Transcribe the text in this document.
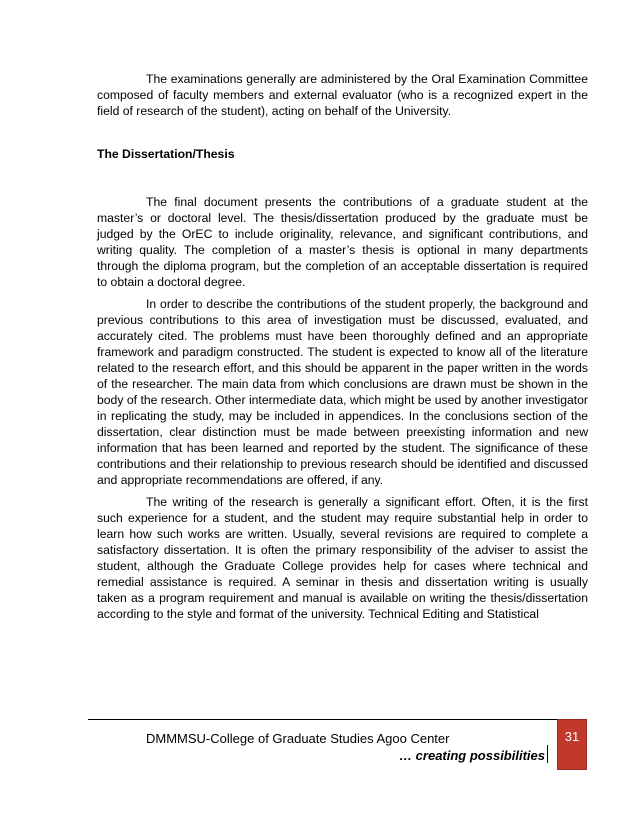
The examinations generally are administered by the Oral Examination Committee composed of faculty members and external evaluator (who is a recognized expert in the field of research of the student), acting on behalf of the University.

The Dissertation/Thesis

The final document presents the contributions of a graduate student at the master’s or doctoral level. The thesis/dissertation produced by the graduate must be judged by the OrEC to include originality, relevance, and significant contributions, and writing quality. The completion of a master’s thesis is optional in many departments through the diploma program, but the completion of an acceptable dissertation is required to obtain a doctoral degree.

In order to describe the contributions of the student properly, the background and previous contributions to this area of investigation must be discussed, evaluated, and accurately cited. The problems must have been thoroughly defined and an appropriate framework and paradigm constructed. The student is expected to know all of the literature related to the research effort, and this should be apparent in the paper written in the words of the researcher. The main data from which conclusions are drawn must be shown in the body of the research. Other intermediate data, which might be used by another investigator in replicating the study, may be included in appendices. In the conclusions section of the dissertation, clear distinction must be made between preexisting information and new information that has been learned and reported by the student. The significance of these contributions and their relationship to previous research should be identified and discussed and appropriate recommendations are offered, if any.

The writing of the research is generally a significant effort. Often, it is the first such experience for a student, and the student may require substantial help in order to learn how such works are written. Usually, several revisions are required to complete a satisfactory dissertation. It is often the primary responsibility of the adviser to assist the student, although the Graduate College provides help for cases where technical and remedial assistance is required. A seminar in thesis and dissertation writing is usually taken as a program requirement and manual is available on writing the thesis/dissertation according to the style and format of the university. Technical Editing and Statistical

DMMMSU-College of Graduate Studies Agoo Center
… creating possibilities
31
